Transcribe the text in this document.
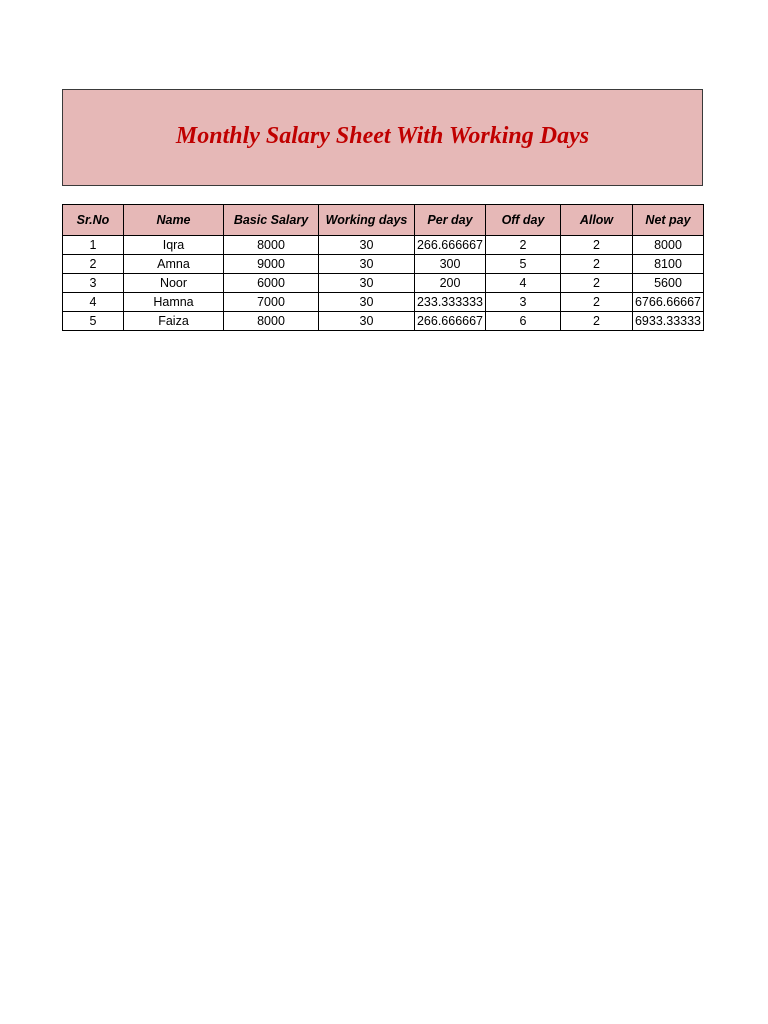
Monthly Salary Sheet With Working Days
Sr.No	Name	Basic Salary	Working days	Per day	Off day	Allow	Net pay
1	Iqra	8000	30	266.666667	2	2	8000
2	Amna	9000	30	300	5	2	8100
3	Noor	6000	30	200	4	2	5600
4	Hamna	7000	30	233.333333	3	2	6766.66667
5	Faiza	8000	30	266.666667	6	2	6933.33333
